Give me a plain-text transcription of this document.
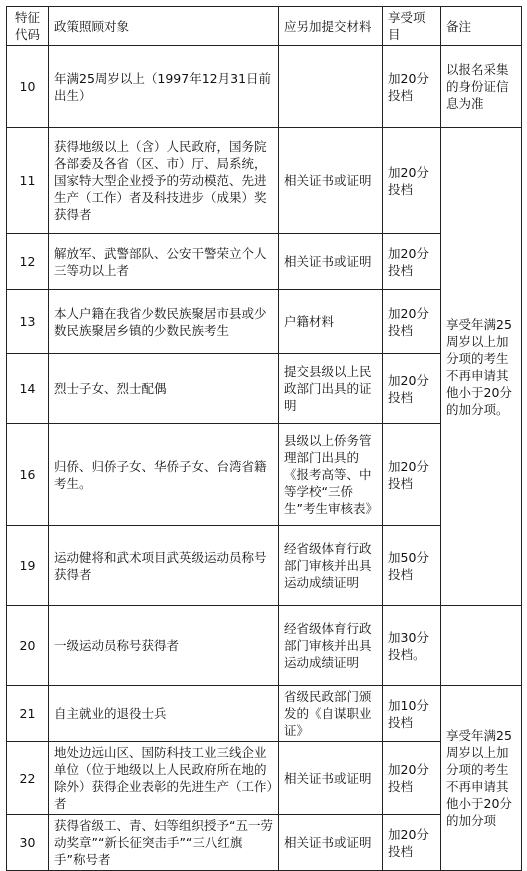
特征代码	政策照顾对象	应另加提交材料	享受项目	备注
10	年满25周岁以上（1997年12月31日前出生）		加20分投档	以报名采集的身份证信息为准
11	获得地级以上（含）人民政府，国务院各部委及各省（区、市）厅、局系统，国家特大型企业授予的劳动模范、先进生产（工作）者及科技进步（成果）奖获得者	相关证书或证明	加20分投档	享受年满25周岁以上加分项的考生不再申请其他小于20分的加分项。
12	解放军、武警部队、公安干警荣立个人三等功以上者	相关证书或证明	加20分投档	
13	本人户籍在我省少数民族聚居市县或少数民族聚居乡镇的少数民族考生	户籍材料	加20分投档	
14	烈士子女、烈士配偶	提交县级以上民政部门出具的证明	加20分投档	
16	归侨、归侨子女、华侨子女、台湾省籍考生。	县级以上侨务管理部门出具的《报考高等、中等学校“三侨生”考生审核表》	加20分投档	
19	运动健将和武术项目武英级运动员称号获得者	经省级体育行政部门审核并出具运动成绩证明	加50分投档	
20	一级运动员称号获得者	经省级体育行政部门审核并出具运动成绩证明	加30分投档。	
21	自主就业的退役士兵	省级民政部门颁发的《自谋职业证》	加10分投档	享受年满25周岁以上加分项的考生不再申请其他小于20分的加分项
22	地处边远山区、国防科技工业三线企业单位（位于地级以上人民政府所在地的除外）获得企业表彰的先进生产（工作）者	相关证书或证明	加20分投档	
30	获得省级工、青、妇等组织授予“五一劳动奖章”“新长征突击手”“三八红旗手”称号者	相关证书或证明	加20分投档	
